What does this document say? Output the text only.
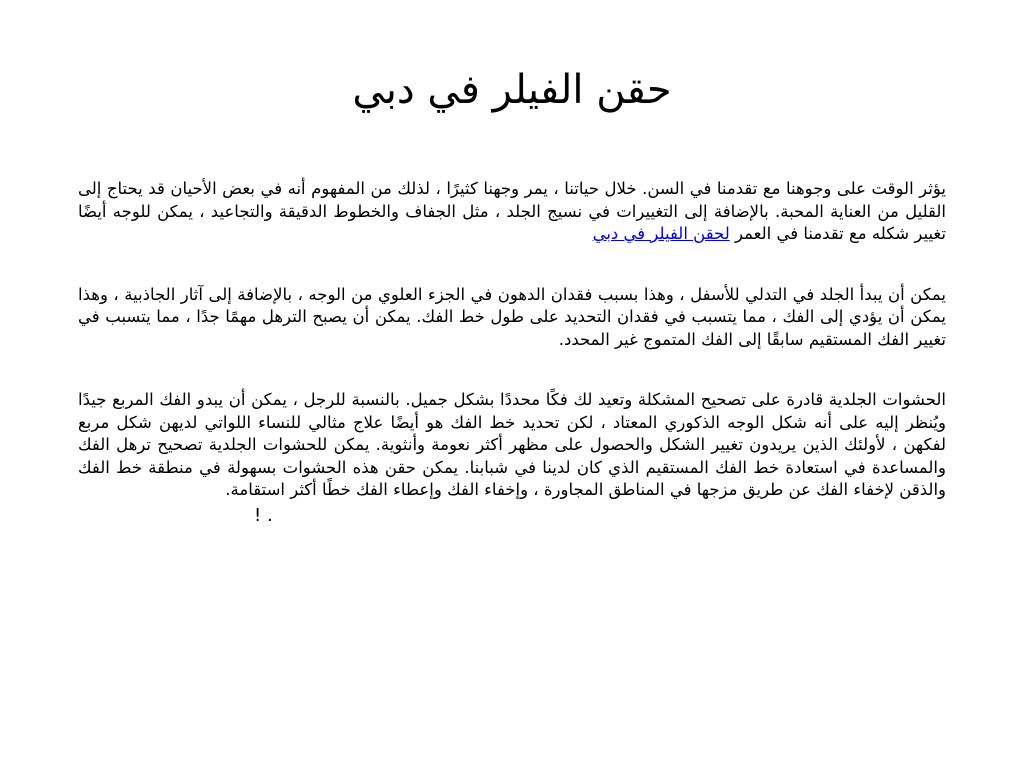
حقن الفيلر في دبي

يؤثر الوقت على وجوهنا مع تقدمنا في السن. خلال حياتنا ، يمر وجهنا كثيرًا ، لذلك من المفهوم أنه في بعض الأحيان قد يحتاج إلى القليل من العناية المحبة. بالإضافة إلى التغييرات في نسيج الجلد ، مثل الجفاف والخطوط الدقيقة والتجاعيد ، يمكن للوجه أيضًا تغيير شكله مع تقدمنا في العمر لحقن الفيلر في دبي

يمكن أن يبدأ الجلد في التدلي للأسفل ، وهذا بسبب فقدان الدهون في الجزء العلوي من الوجه ، بالإضافة إلى آثار الجاذبية ، وهذا يمكن أن يؤدي إلى الفك ، مما يتسبب في فقدان التحديد على طول خط الفك. يمكن أن يصبح الترهل مهمًا جدًا ، مما يتسبب في تغيير الفك المستقيم سابقًا إلى الفك المتموج غير المحدد.

الحشوات الجلدية قادرة على تصحيح المشكلة وتعيد لك فكًا محددًا بشكل جميل. بالنسبة للرجل ، يمكن أن يبدو الفك المربع جيدًا ويُنظر إليه على أنه شكل الوجه الذكوري المعتاد ، لكن تحديد خط الفك هو أيضًا علاج مثالي للنساء اللواتي لديهن شكل مربع لفكهن ، لأولئك الذين يريدون تغيير الشكل والحصول على مظهر أكثر نعومة وأنثوية. يمكن للحشوات الجلدية تصحيح ترهل الفك والمساعدة في استعادة خط الفك المستقيم الذي كان لدينا في شبابنا. يمكن حقن هذه الحشوات بسهولة في منطقة خط الفك والذقن لإخفاء الفك عن طريق مزجها في المناطق المجاورة ، وإخفاء الفك وإعطاء الفك خطًا أكثر استقامة.

! .
